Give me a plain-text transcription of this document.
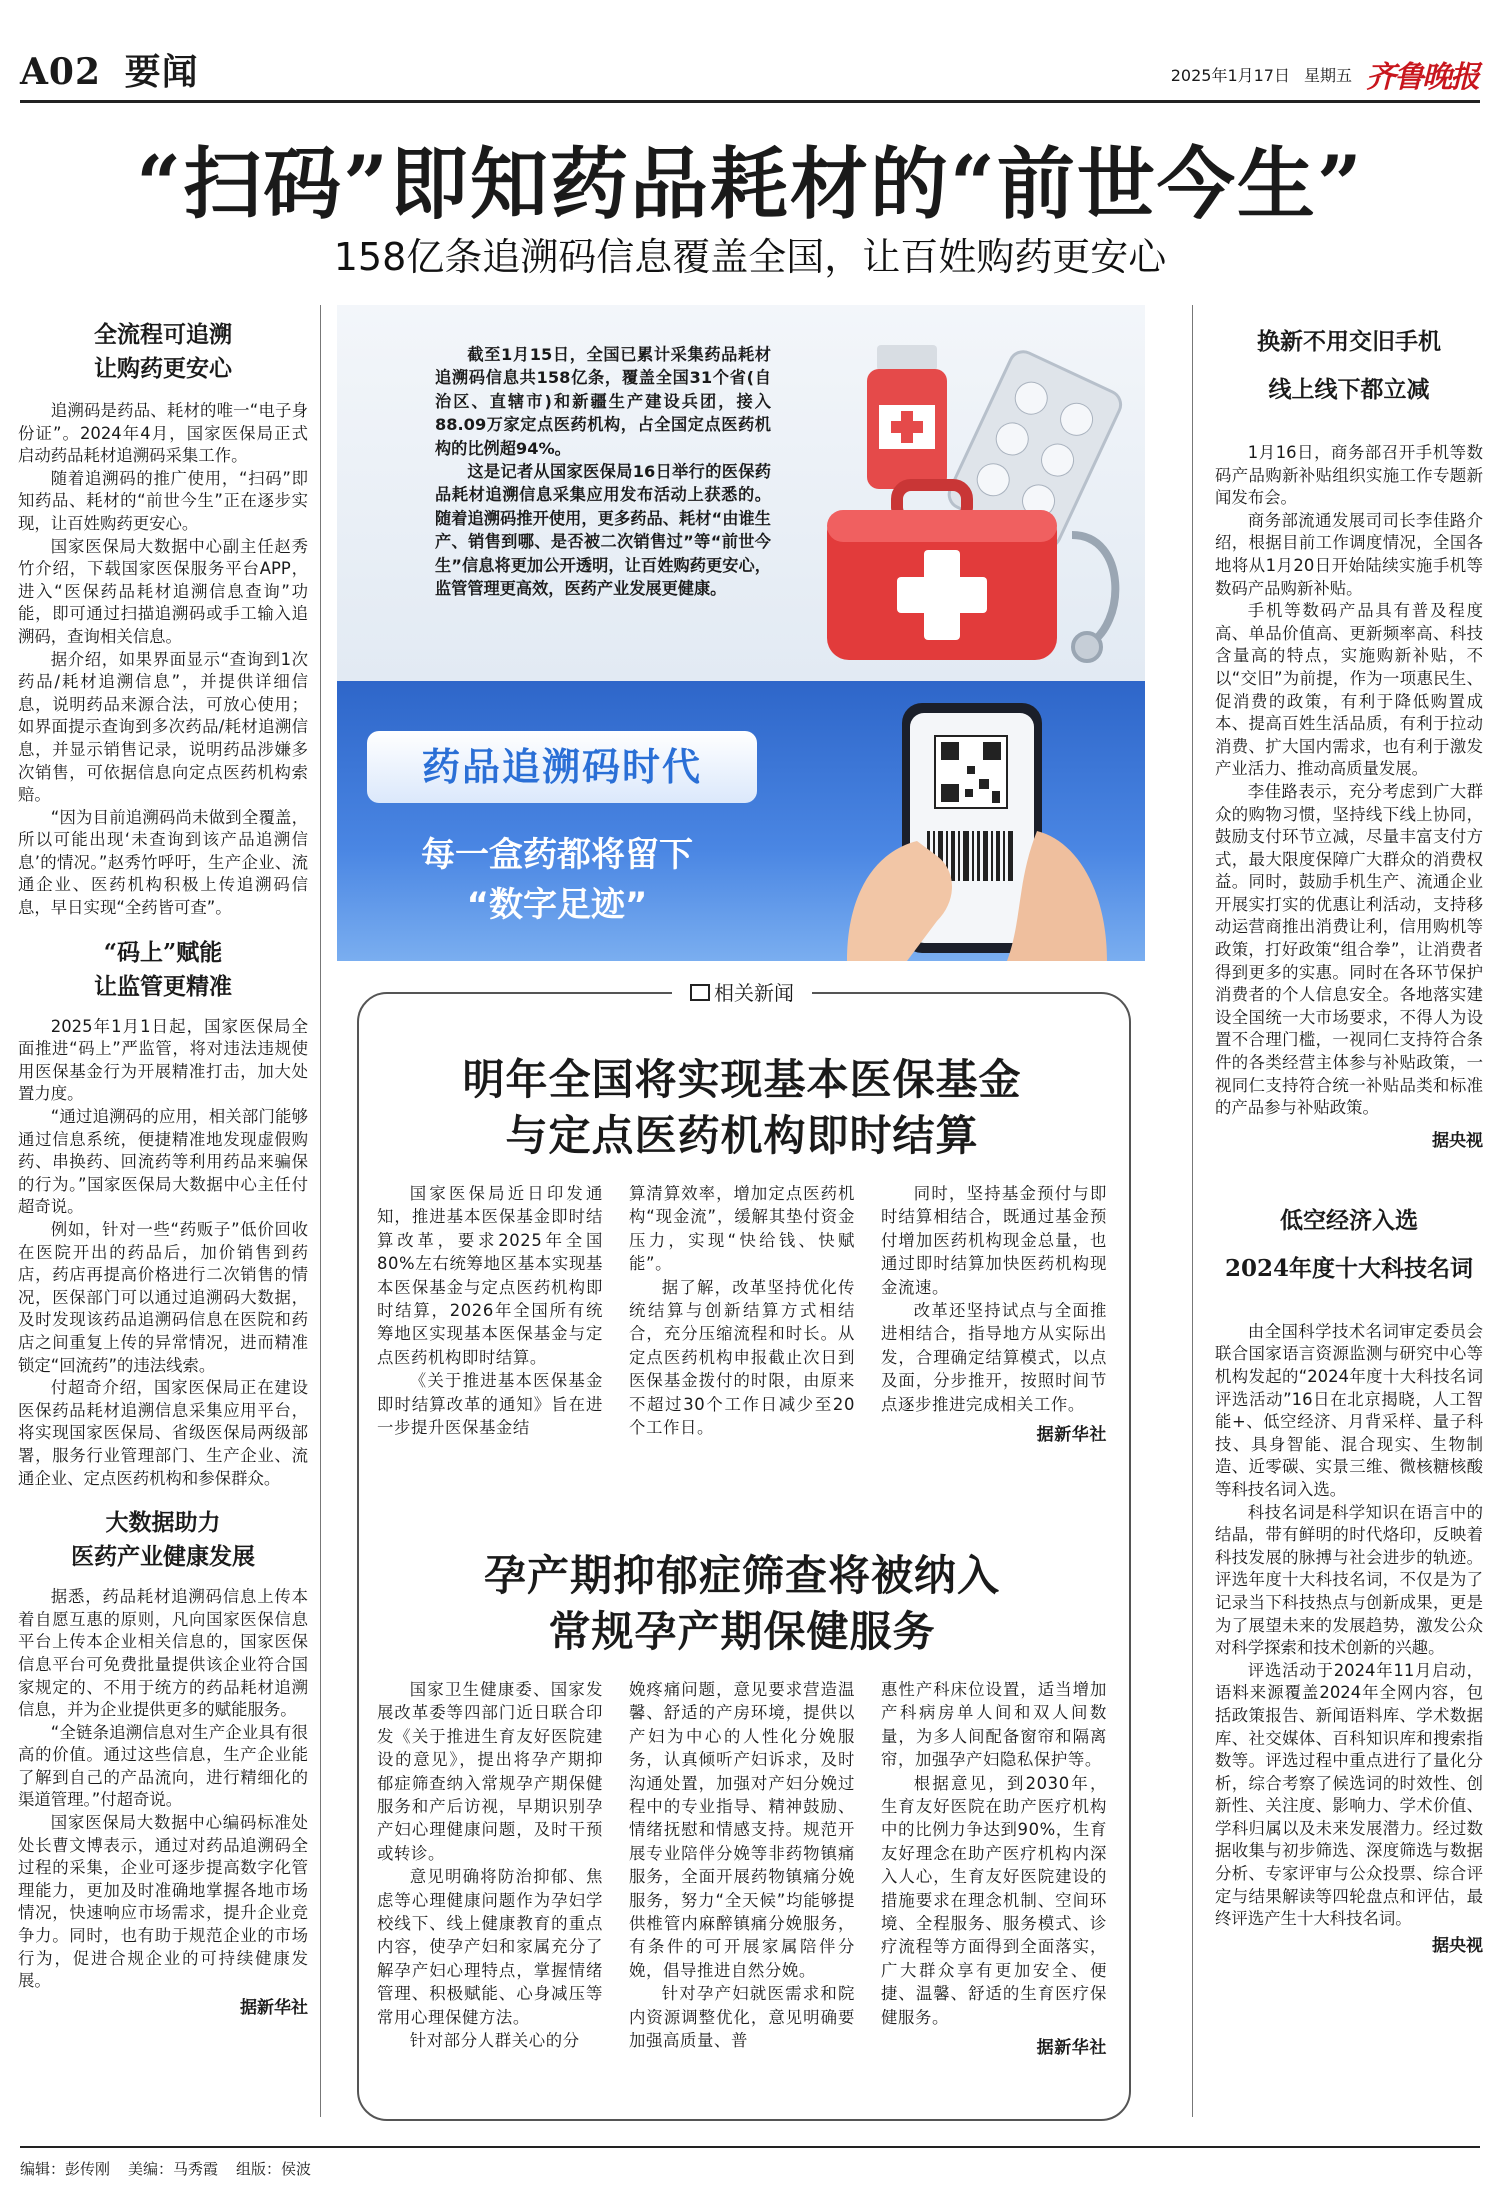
A02 要闻	2025年1月17日 星期五 齐鲁晚报
“扫码”即知药品耗材的“前世今生”
158亿条追溯码信息覆盖全国，让百姓购药更安心
全流程可追溯
让购药更安心

追溯码是药品、耗材的唯一“电子身份证”。2024年4月，国家医保局正式启动药品耗材追溯码采集工作。

随着追溯码的推广使用，“扫码”即知药品、耗材的“前世今生”正在逐步实现，让百姓购药更安心。

国家医保局大数据中心副主任赵秀竹介绍，下载国家医保服务平台APP，进入“医保药品耗材追溯信息查询”功能，即可通过扫描追溯码或手工输入追溯码，查询相关信息。

据介绍，如果界面显示“查询到1次药品/耗材追溯信息”，并提供详细信息，说明药品来源合法，可放心使用；如界面提示查询到多次药品/耗材追溯信息，并显示销售记录，说明药品涉嫌多次销售，可依据信息向定点医药机构索赔。

“因为目前追溯码尚未做到全覆盖，所以可能出现‘未查询到该产品追溯信息’的情况。”赵秀竹呼吁，生产企业、流通企业、医药机构积极上传追溯码信息，早日实现“全药皆可查”。

“码上”赋能
让监管更精准

2025年1月1日起，国家医保局全面推进“码上”严监管，将对违法违规使用医保基金行为开展精准打击，加大处置力度。

“通过追溯码的应用，相关部门能够通过信息系统，便捷精准地发现虚假购药、串换药、回流药等利用药品来骗保的行为。”国家医保局大数据中心主任付超奇说。

例如，针对一些“药贩子”低价回收在医院开出的药品后，加价销售到药店，药店再提高价格进行二次销售的情况，医保部门可以通过追溯码大数据，及时发现该药品追溯码信息在医院和药店之间重复上传的异常情况，进而精准锁定“回流药”的违法线索。

付超奇介绍，国家医保局正在建设医保药品耗材追溯信息采集应用平台，将实现国家医保局、省级医保局两级部署，服务行业管理部门、生产企业、流通企业、定点医药机构和参保群众。

大数据助力
医药产业健康发展

据悉，药品耗材追溯码信息上传本着自愿互惠的原则，凡向国家医保信息平台上传本企业相关信息的，国家医保信息平台可免费批量提供该企业符合国家规定的、不用于统方的药品耗材追溯信息，并为企业提供更多的赋能服务。

“全链条追溯信息对生产企业具有很高的价值。通过这些信息，生产企业能了解到自己的产品流向，进行精细化的渠道管理。”付超奇说。

国家医保局大数据中心编码标准处处长曹文博表示，通过对药品追溯码全过程的采集，企业可逐步提高数字化管理能力，更加及时准确地掌握各地市场情况，快速响应市场需求，提升企业竞争力。同时，也有助于规范企业的市场行为，促进合规企业的可持续健康发展。

据新华社

截至1月15日，全国已累计采集药品耗材追溯码信息共158亿条，覆盖全国31个省(自治区、直辖市)和新疆生产建设兵团，接入88.09万家定点医药机构，占全国定点医药机构的比例超94%。

这是记者从国家医保局16日举行的医保药品耗材追溯信息采集应用发布活动上获悉的。随着追溯码推开使用，更多药品、耗材“由谁生产、销售到哪、是否被二次销售过”等“前世今生”信息将更加公开透明，让百姓购药更安心，监管管理更高效，医药产业发展更健康。

药品追溯码时代
每一盒药都将留下
“数字足迹”
相关新闻
明年全国将实现基本医保基金
与定点医药机构即时结算

国家医保局近日印发通知，推进基本医保基金即时结算改革，要求2025年全国80%左右统筹地区基本实现基本医保基金与定点医药机构即时结算，2026年全国所有统筹地区实现基本医保基金与定点医药机构即时结算。

《关于推进基本医保基金即时结算改革的通知》旨在进一步提升医保基金结

算清算效率，增加定点医药机构“现金流”，缓解其垫付资金压力，实现“快给钱、快赋能”。

据了解，改革坚持优化传统结算与创新结算方式相结合，充分压缩流程和时长。从定点医药机构申报截止次日到医保基金拨付的时限，由原来不超过30个工作日减少至20个工作日。

同时，坚持基金预付与即时结算相结合，既通过基金预付增加医药机构现金总量，也通过即时结算加快医药机构现金流速。

改革还坚持试点与全面推进相结合，指导地方从实际出发，合理确定结算模式，以点及面，分步推开，按照时间节点逐步推进完成相关工作。

据新华社
孕产期抑郁症筛查将被纳入
常规孕产期保健服务

国家卫生健康委、国家发展改革委等四部门近日联合印发《关于推进生育友好医院建设的意见》，提出将孕产期抑郁症筛查纳入常规孕产期保健服务和产后访视，早期识别孕产妇心理健康问题，及时干预或转诊。

意见明确将防治抑郁、焦虑等心理健康问题作为孕妇学校线下、线上健康教育的重点内容，使孕产妇和家属充分了解孕产妇心理特点，掌握情绪管理、积极赋能、心身减压等常用心理保健方法。

针对部分人群关心的分

娩疼痛问题，意见要求营造温馨、舒适的产房环境，提供以产妇为中心的人性化分娩服务，认真倾听产妇诉求，及时沟通处置，加强对产妇分娩过程中的专业指导、精神鼓励、情绪抚慰和情感支持。规范开展专业陪伴分娩等非药物镇痛服务，全面开展药物镇痛分娩服务，努力“全天候”均能够提供椎管内麻醉镇痛分娩服务，有条件的可开展家属陪伴分娩，倡导推进自然分娩。

针对孕产妇就医需求和院内资源调整优化，意见明确要加强高质量、普

惠性产科床位设置，适当增加产科病房单人间和双人间数量，为多人间配备窗帘和隔离帘，加强孕产妇隐私保护等。

根据意见，到2030年，生育友好医院在助产医疗机构中的比例力争达到90%，生育友好理念在助产医疗机构内深入人心，生育友好医院建设的措施要求在理念机制、空间环境、全程服务、服务模式、诊疗流程等方面得到全面落实，广大群众享有更加安全、便捷、温馨、舒适的生育医疗保健服务。

据新华社
换新不用交旧手机
线上线下都立减

1月16日，商务部召开手机等数码产品购新补贴组织实施工作专题新闻发布会。

商务部流通发展司司长李佳路介绍，根据目前工作调度情况，全国各地将从1月20日开始陆续实施手机等数码产品购新补贴。

手机等数码产品具有普及程度高、单品价值高、更新频率高、科技含量高的特点，实施购新补贴，不以“交旧”为前提，作为一项惠民生、促消费的政策，有利于降低购置成本、提高百姓生活品质，有利于拉动消费、扩大国内需求，也有利于激发产业活力、推动高质量发展。

李佳路表示，充分考虑到广大群众的购物习惯，坚持线下线上协同，鼓励支付环节立减，尽量丰富支付方式，最大限度保障广大群众的消费权益。同时，鼓励手机生产、流通企业开展实打实的优惠让利活动，支持移动运营商推出消费让利，信用购机等政策，打好政策“组合拳”，让消费者得到更多的实惠。同时在各环节保护消费者的个人信息安全。各地落实建设全国统一大市场要求，不得人为设置不合理门槛，一视同仁支持符合条件的各类经营主体参与补贴政策，一视同仁支持符合统一补贴品类和标准的产品参与补贴政策。

据央视
低空经济入选
2024年度十大科技名词

由全国科学技术名词审定委员会联合国家语言资源监测与研究中心等机构发起的“2024年度十大科技名词评选活动”16日在北京揭晓，人工智能+、低空经济、月背采样、量子科技、具身智能、混合现实、生物制造、近零碳、实景三维、微核糖核酸等科技名词入选。

科技名词是科学知识在语言中的结晶，带有鲜明的时代烙印，反映着科技发展的脉搏与社会进步的轨迹。评选年度十大科技名词，不仅是为了记录当下科技热点与创新成果，更是为了展望未来的发展趋势，激发公众对科学探索和技术创新的兴趣。

评选活动于2024年11月启动，语料来源覆盖2024年全网内容，包括政策报告、新闻语料库、学术数据库、社交媒体、百科知识库和搜索指数等。评选过程中重点进行了量化分析，综合考察了候选词的时效性、创新性、关注度、影响力、学术价值、学科归属以及未来发展潜力。经过数据收集与初步筛选、深度筛选与数据分析、专家评审与公众投票、综合评定与结果解读等四轮盘点和评估，最终评选产生十大科技名词。

据央视
编辑：彭传刚 美编：马秀霞 组版：侯波
